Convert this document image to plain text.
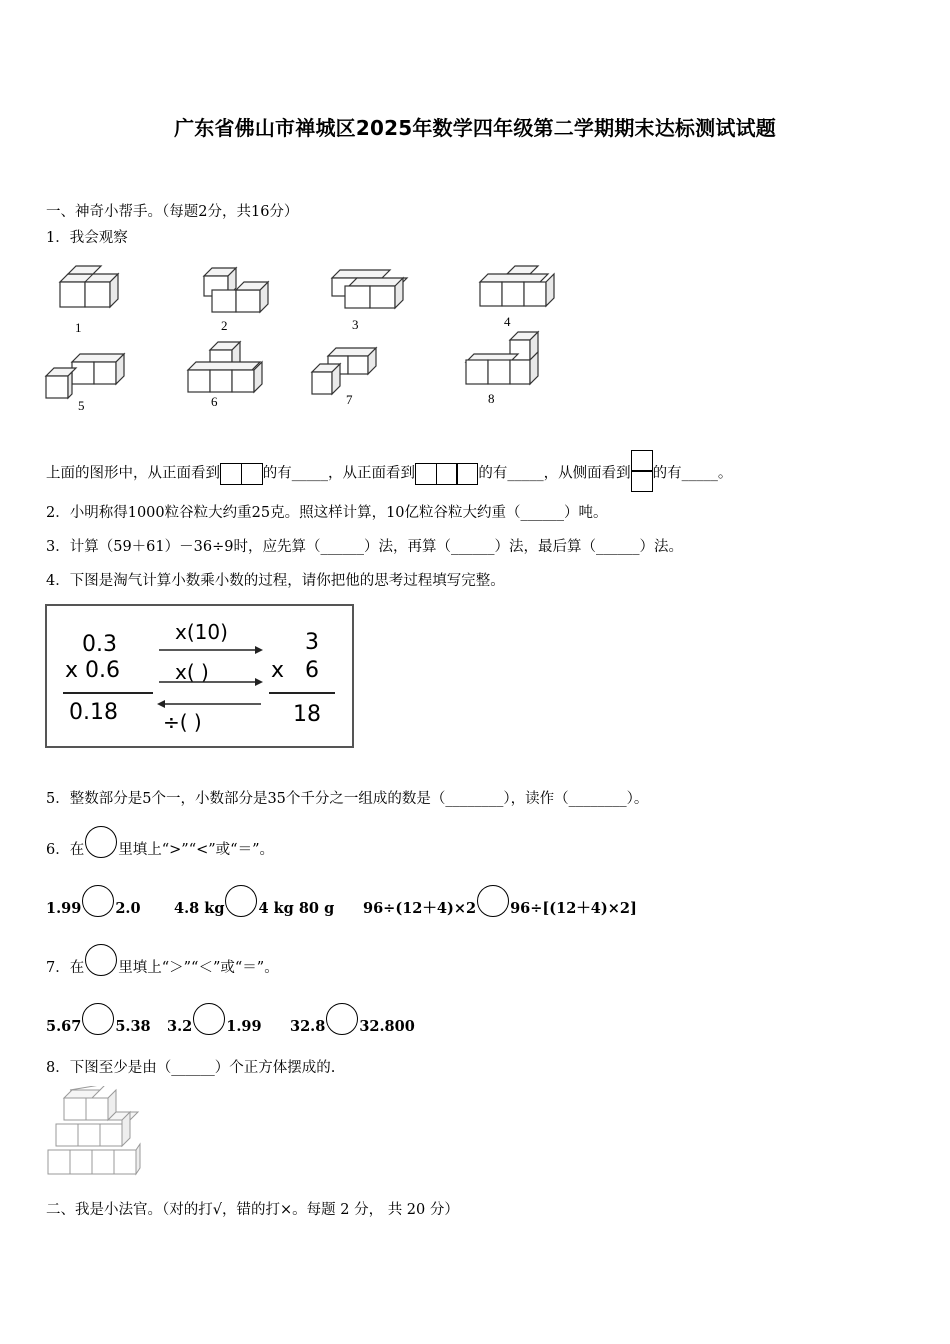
广东省佛山市禅城区2025年数学四年级第二学期期末达标测试试题
一、神奇小帮手。（每题2分，共16分）
1．我会观察
1	2	3	4
5	6	7	8
上面的图形中，从正面看到	的有_____，从正面看到	的有_____，从侧面看到 的有_____。
2．小明称得1000粒谷粒大约重25克。照这样计算，10亿粒谷粒大约重（______）吨。
3．计算（59＋61）－36÷9时，应先算（______）法，再算（______）法，最后算（______）法。
4．下图是淘气计算小数乘小数的过程，请你把他的思考过程填写完整。
0.3
x 0.6
0.18
x(10)
x( )
÷( )
3
x   6
18
5．整数部分是5个一，小数部分是35个千分之一组成的数是（________），读作（________）。
6．在 里填上“>”“<”或“＝”。
1.99 2.0 4.8 kg 4 kg 80 g 96÷(12＋4)×2 96÷[(12＋4)×2]
7．在 里填上“＞”“＜”或“＝”。
5.67 5.38 3.2 1.99 32.8 32.800
8．下图至少是由（______）个正方体摆成的.
二、我是小法官。（对的打√，错的打×。每题 2 分， 共 20 分）
